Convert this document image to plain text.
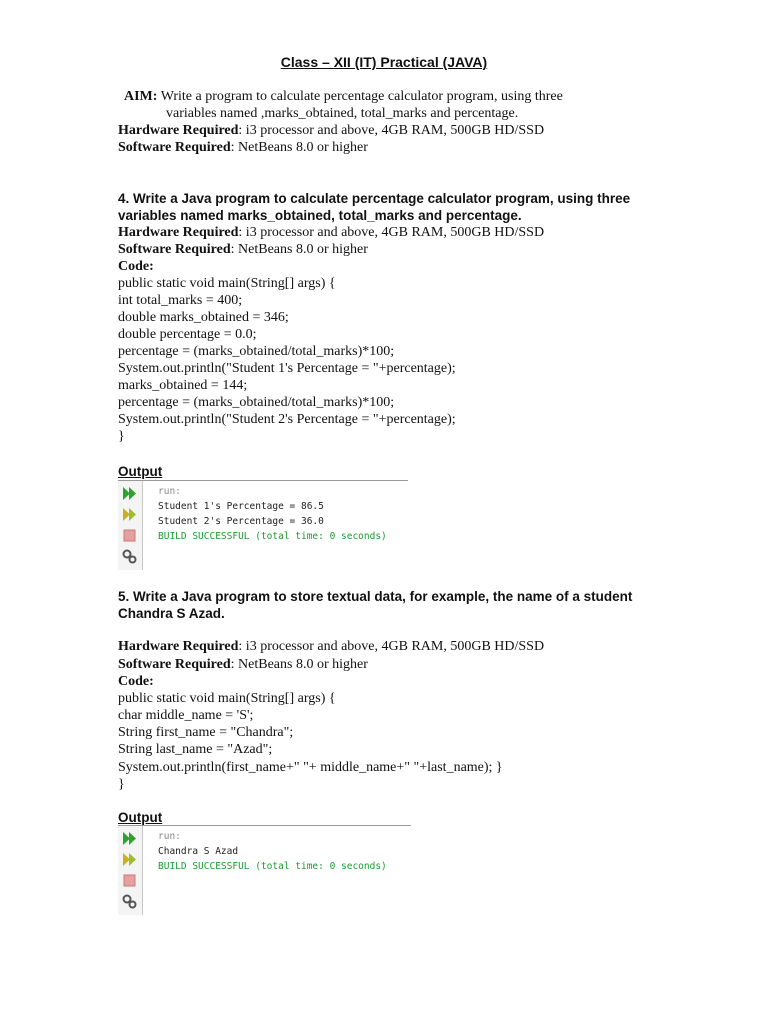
Class – XII (IT) Practical (JAVA)
AIM: Write a program to calculate percentage calculator program, using three
variables named ,marks_obtained, total_marks and percentage.
Hardware Required: i3 processor and above, 4GB RAM, 500GB HD/SSD
Software Required: NetBeans 8.0 or higher
4. Write a Java program to calculate percentage calculator program, using three
variables named marks_obtained, total_marks and percentage.
Hardware Required: i3 processor and above, 4GB RAM, 500GB HD/SSD
Software Required: NetBeans 8.0 or higher
Code:
public static void main(String[] args) {
int total_marks = 400;
double marks_obtained = 346;
double percentage = 0.0;
percentage = (marks_obtained/total_marks)*100;
System.out.println("Student 1's Percentage = "+percentage);
marks_obtained = 144;
percentage = (marks_obtained/total_marks)*100;
System.out.println("Student 2's Percentage = "+percentage);
}
Output
run:
Student 1's Percentage = 86.5
Student 2's Percentage = 36.0
BUILD SUCCESSFUL (total time: 0 seconds)
5. Write a Java program to store textual data, for example, the name of a student
Chandra S Azad.
Hardware Required: i3 processor and above, 4GB RAM, 500GB HD/SSD
Software Required: NetBeans 8.0 or higher
Code:
public static void main(String[] args) {
char middle_name = 'S';
String first_name = "Chandra";
String last_name = "Azad";
System.out.println(first_name+" "+ middle_name+" "+last_name); }
}
Output
run:
Chandra S Azad
BUILD SUCCESSFUL (total time: 0 seconds)
